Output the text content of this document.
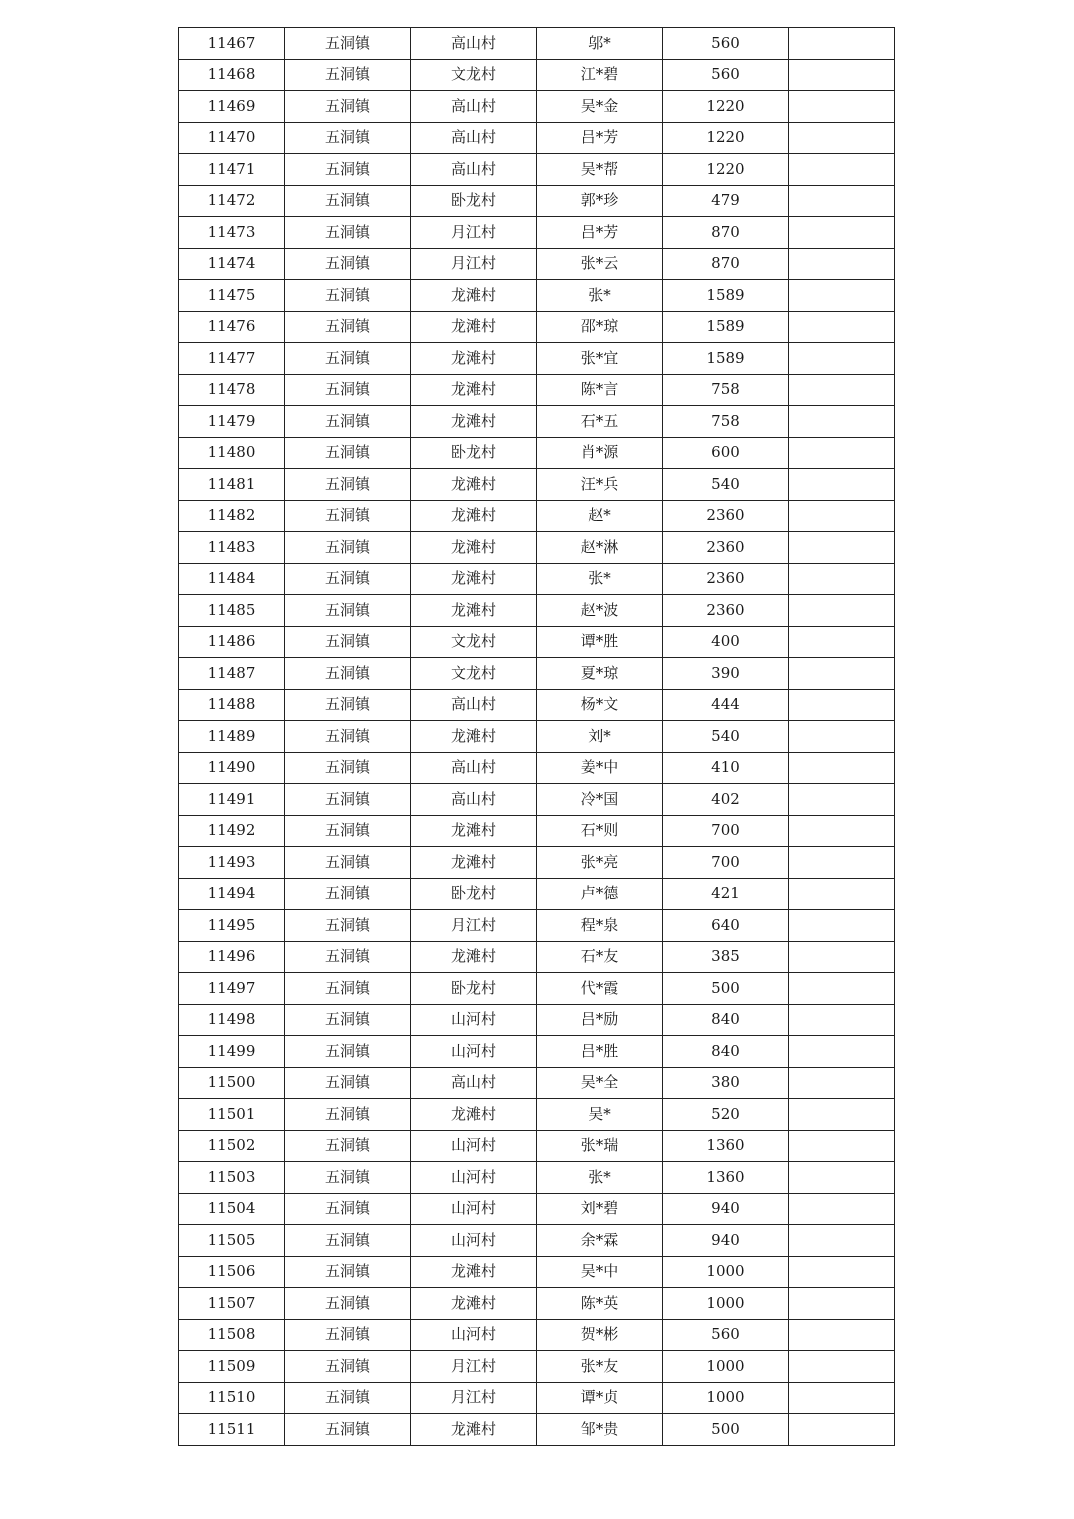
11467	五洞镇	高山村	邬*	560	
11468	五洞镇	文龙村	江*碧	560	
11469	五洞镇	高山村	吴*金	1220	
11470	五洞镇	高山村	吕*芳	1220	
11471	五洞镇	高山村	吴*帮	1220	
11472	五洞镇	卧龙村	郭*珍	479	
11473	五洞镇	月江村	吕*芳	870	
11474	五洞镇	月江村	张*云	870	
11475	五洞镇	龙滩村	张*	1589	
11476	五洞镇	龙滩村	邵*琼	1589	
11477	五洞镇	龙滩村	张*宜	1589	
11478	五洞镇	龙滩村	陈*言	758	
11479	五洞镇	龙滩村	石*五	758	
11480	五洞镇	卧龙村	肖*源	600	
11481	五洞镇	龙滩村	汪*兵	540	
11482	五洞镇	龙滩村	赵*	2360	
11483	五洞镇	龙滩村	赵*淋	2360	
11484	五洞镇	龙滩村	张*	2360	
11485	五洞镇	龙滩村	赵*波	2360	
11486	五洞镇	文龙村	谭*胜	400	
11487	五洞镇	文龙村	夏*琼	390	
11488	五洞镇	高山村	杨*文	444	
11489	五洞镇	龙滩村	刘*	540	
11490	五洞镇	高山村	姜*中	410	
11491	五洞镇	高山村	冷*国	402	
11492	五洞镇	龙滩村	石*则	700	
11493	五洞镇	龙滩村	张*亮	700	
11494	五洞镇	卧龙村	卢*德	421	
11495	五洞镇	月江村	程*泉	640	
11496	五洞镇	龙滩村	石*友	385	
11497	五洞镇	卧龙村	代*霞	500	
11498	五洞镇	山河村	吕*励	840	
11499	五洞镇	山河村	吕*胜	840	
11500	五洞镇	高山村	吴*全	380	
11501	五洞镇	龙滩村	吴*	520	
11502	五洞镇	山河村	张*瑞	1360	
11503	五洞镇	山河村	张*	1360	
11504	五洞镇	山河村	刘*碧	940	
11505	五洞镇	山河村	余*霖	940	
11506	五洞镇	龙滩村	吴*中	1000	
11507	五洞镇	龙滩村	陈*英	1000	
11508	五洞镇	山河村	贺*彬	560	
11509	五洞镇	月江村	张*友	1000	
11510	五洞镇	月江村	谭*贞	1000	
11511	五洞镇	龙滩村	邹*贵	500	
